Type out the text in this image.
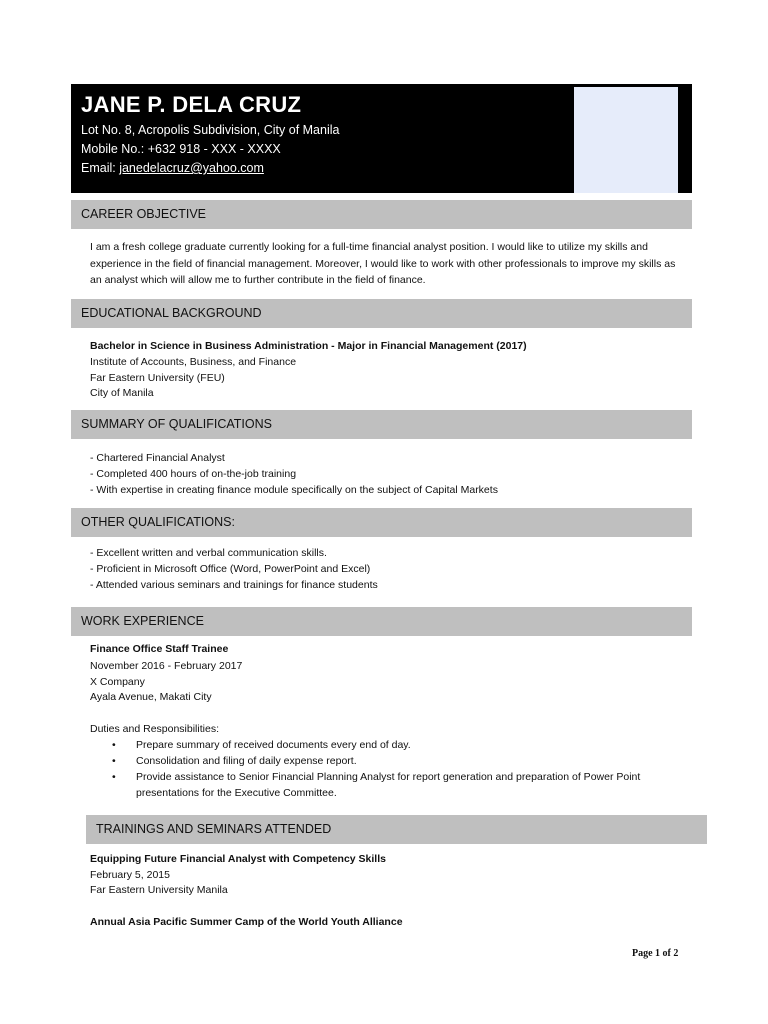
JANE P. DELA CRUZ
Lot No. 8, Acropolis Subdivision, City of Manila
Mobile No.: +632 918 - XXX - XXXX
Email: janedelacruz@yahoo.com
CAREER OBJECTIVE
I am a fresh college graduate currently looking for a full-time financial analyst position. I would like to utilize my skills and experience in the field of financial management. Moreover, I would like to work with other professionals to improve my skills as an analyst which will allow me to further contribute in the field of finance.
EDUCATIONAL BACKGROUND
Bachelor in Science in Business Administration - Major in Financial Management (2017)
Institute of Accounts, Business, and Finance
Far Eastern University (FEU)
City of Manila
SUMMARY OF QUALIFICATIONS
- Chartered Financial Analyst
- Completed 400 hours of on-the-job training
- With expertise in creating finance module specifically on the subject of Capital Markets
OTHER QUALIFICATIONS:
- Excellent written and verbal communication skills.
- Proficient in Microsoft Office (Word, PowerPoint and Excel)
- Attended various seminars and trainings for finance students
WORK EXPERIENCE
Finance Office Staff Trainee
November 2016 - February 2017
X Company
Ayala Avenue, Makati City
Duties and Responsibilities:
• Prepare summary of received documents every end of day.
• Consolidation and filing of daily expense report.
• Provide assistance to Senior Financial Planning Analyst for report generation and preparation of Power Point presentations for the Executive Committee.
TRAININGS AND SEMINARS ATTENDED
Equipping Future Financial Analyst with Competency Skills
February 5, 2015
Far Eastern University Manila
Annual Asia Pacific Summer Camp of the World Youth Alliance
Page 1 of 2
